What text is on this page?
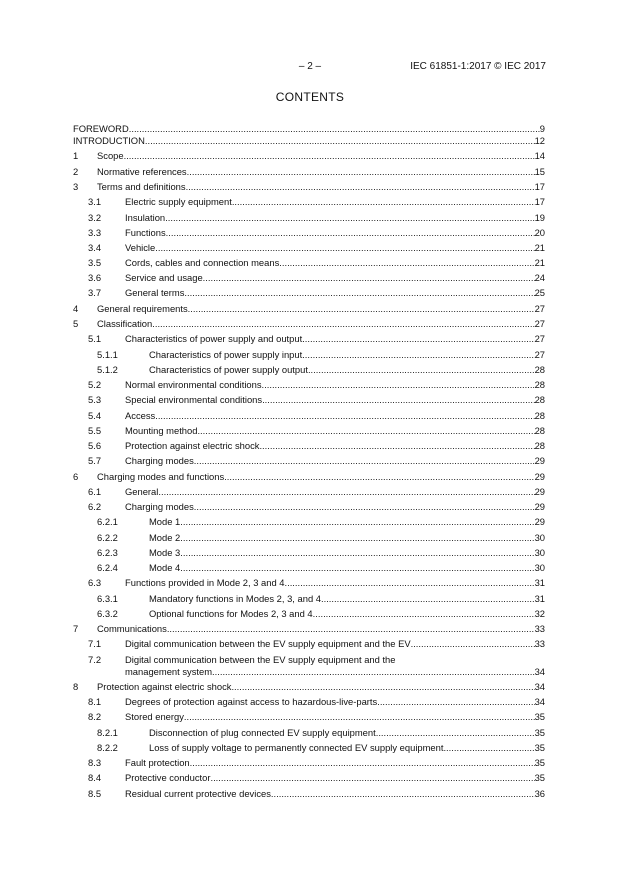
– 2 –	IEC 61851-1:2017 © IEC 2017
CONTENTS
FOREWORD .....	9
INTRODUCTION .....	12
1 Scope .....	14
2 Normative references .....	15
3 Terms and definitions .....	17
3.1	Electric supply equipment .....	17
3.2	Insulation .....	19
3.3	Functions .....	20
3.4	Vehicle .....	21
3.5	Cords, cables and connection means .....	21
3.6	Service and usage .....	24
3.7	General terms .....	25
4 General requirements .....	27
5 Classification .....	27
5.1	Characteristics of power supply and output .....	27
5.1.1	Characteristics of power supply input .....	27
5.1.2	Characteristics of power supply output .....	28
5.2	Normal environmental conditions .....	28
5.3	Special environmental conditions .....	28
5.4	Access .....	28
5.5	Mounting method .....	28
5.6	Protection against electric shock .....	28
5.7	Charging modes .....	29
6 Charging modes and functions .....	29
6.1	General .....	29
6.2	Charging modes .....	29
6.2.1	Mode 1 .....	29
6.2.2	Mode 2 .....	30
6.2.3	Mode 3 .....	30
6.2.4	Mode 4 .....	30
6.3	Functions provided in Mode 2, 3 and 4 .....	31
6.3.1	Mandatory functions in Modes 2, 3, and 4 .....	31
6.3.2	Optional functions for Modes 2, 3 and 4 .....	32
7 Communications .....	33
7.1	Digital communication between the EV supply equipment and the EV .....	33
7.2	Digital communication between the EV supply equipment and the
management system .....	34
8 Protection against electric shock .....	34
8.1	Degrees of protection against access to hazardous-live-parts .....	34
8.2	Stored energy .....	35
8.2.1	Disconnection of plug connected EV supply equipment .....	35
8.2.2	Loss of supply voltage to permanently connected EV supply equipment .....	35
8.3	Fault protection .....	35
8.4	Protective conductor .....	35
8.5	Residual current protective devices .....	36
